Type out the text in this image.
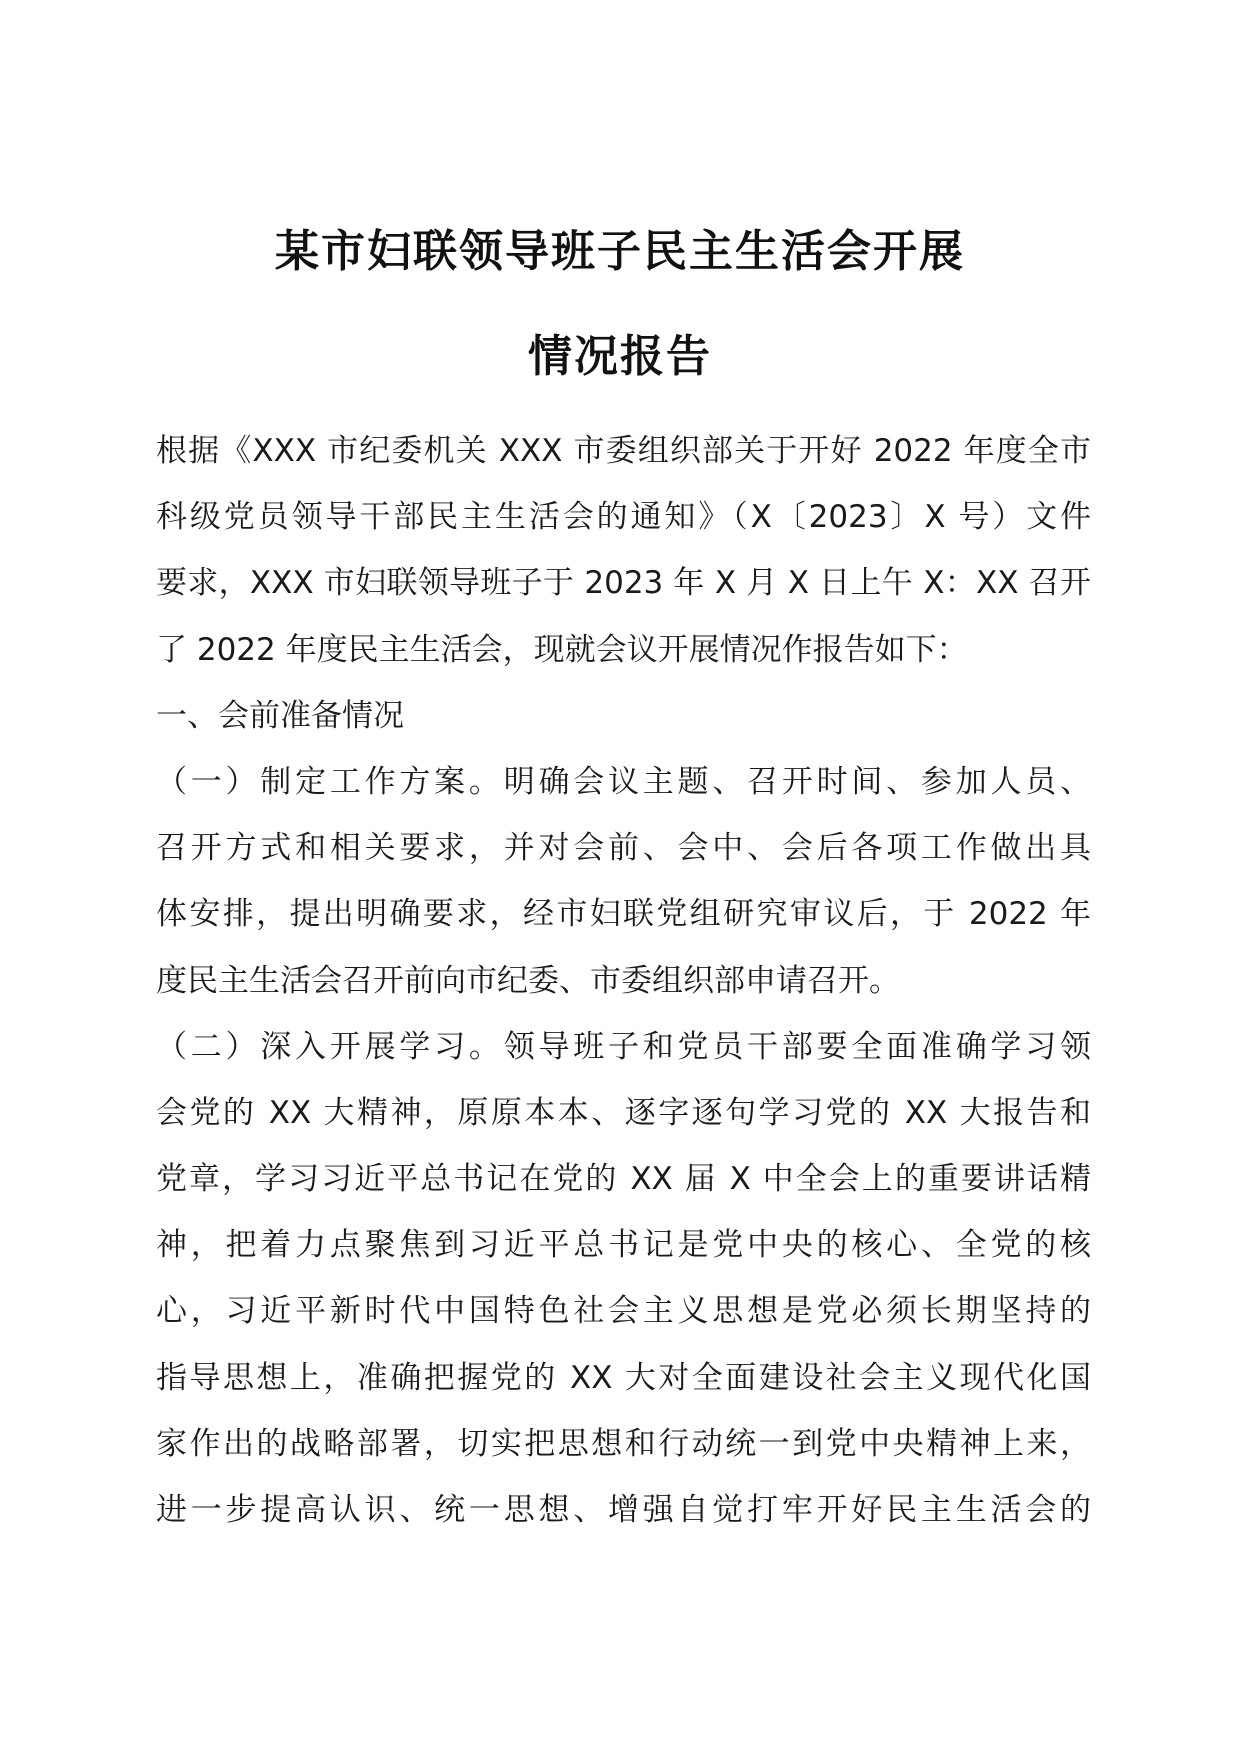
某市妇联领导班子民主生活会开展
情况报告
根据《XXX 市纪委机关 XXX 市委组织部关于开好 2022 年度全市
科级党员领导干部民主生活会的通知》（X〔2023〕X 号）文件
要求，XXX 市妇联领导班子于 2023 年 X 月 X 日上午 X：XX 召开
了 2022 年度民主生活会，现就会议开展情况作报告如下：
一、会前准备情况
（一）制定工作方案。明确会议主题、召开时间、参加人员、
召开方式和相关要求，并对会前、会中、会后各项工作做出具
体安排，提出明确要求，经市妇联党组研究审议后，于 2022 年
度民主生活会召开前向市纪委、市委组织部申请召开。
（二）深入开展学习。领导班子和党员干部要全面准确学习领
会党的 XX 大精神，原原本本、逐字逐句学习党的 XX 大报告和
党章，学习习近平总书记在党的 XX 届 X 中全会上的重要讲话精
神，把着力点聚焦到习近平总书记是党中央的核心、全党的核
心，习近平新时代中国特色社会主义思想是党必须长期坚持的
指导思想上，准确把握党的 XX 大对全面建设社会主义现代化国
家作出的战略部署，切实把思想和行动统一到党中央精神上来，
进一步提高认识、统一思想、增强自觉打牢开好民主生活会的
